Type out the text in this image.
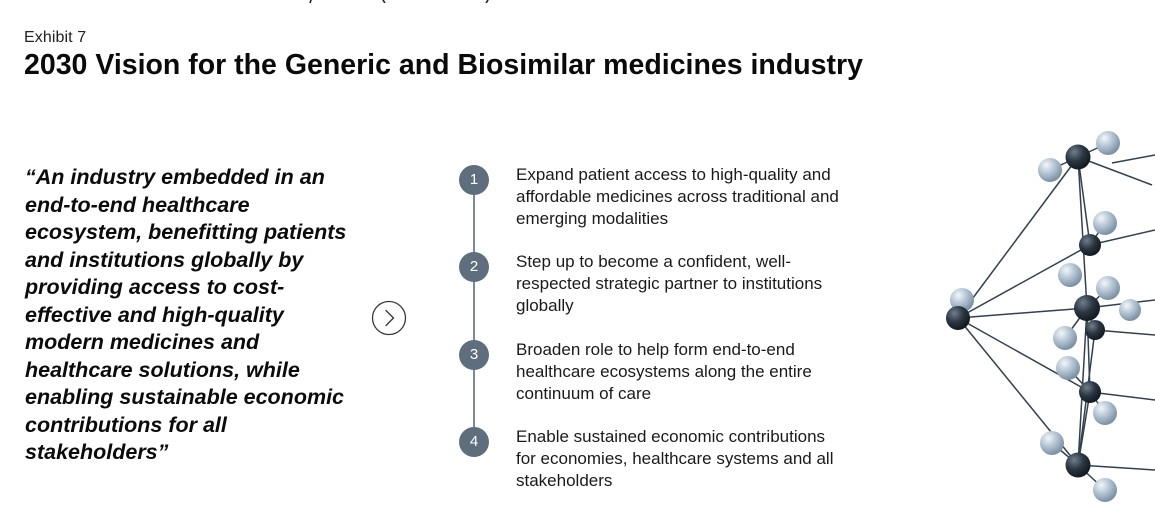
Exhibit 7
2030 Vision for the Generic and Biosimilar medicines industry

“An industry embedded in an end-to-end healthcare ecosystem, benefitting patients and institutions globally by providing access to cost-effective and high-quality modern medicines and healthcare solutions, while enabling sustainable economic contributions for all stakeholders”

1	Expand patient access to high-quality and affordable medicines across traditional and emerging modalities

2	Step up to become a confident, well-respected strategic partner to institutions globally

3	Broaden role to help form end-to-end healthcare ecosystems along the entire continuum of care

4	Enable sustained economic contributions for economies, healthcare systems and all stakeholders
